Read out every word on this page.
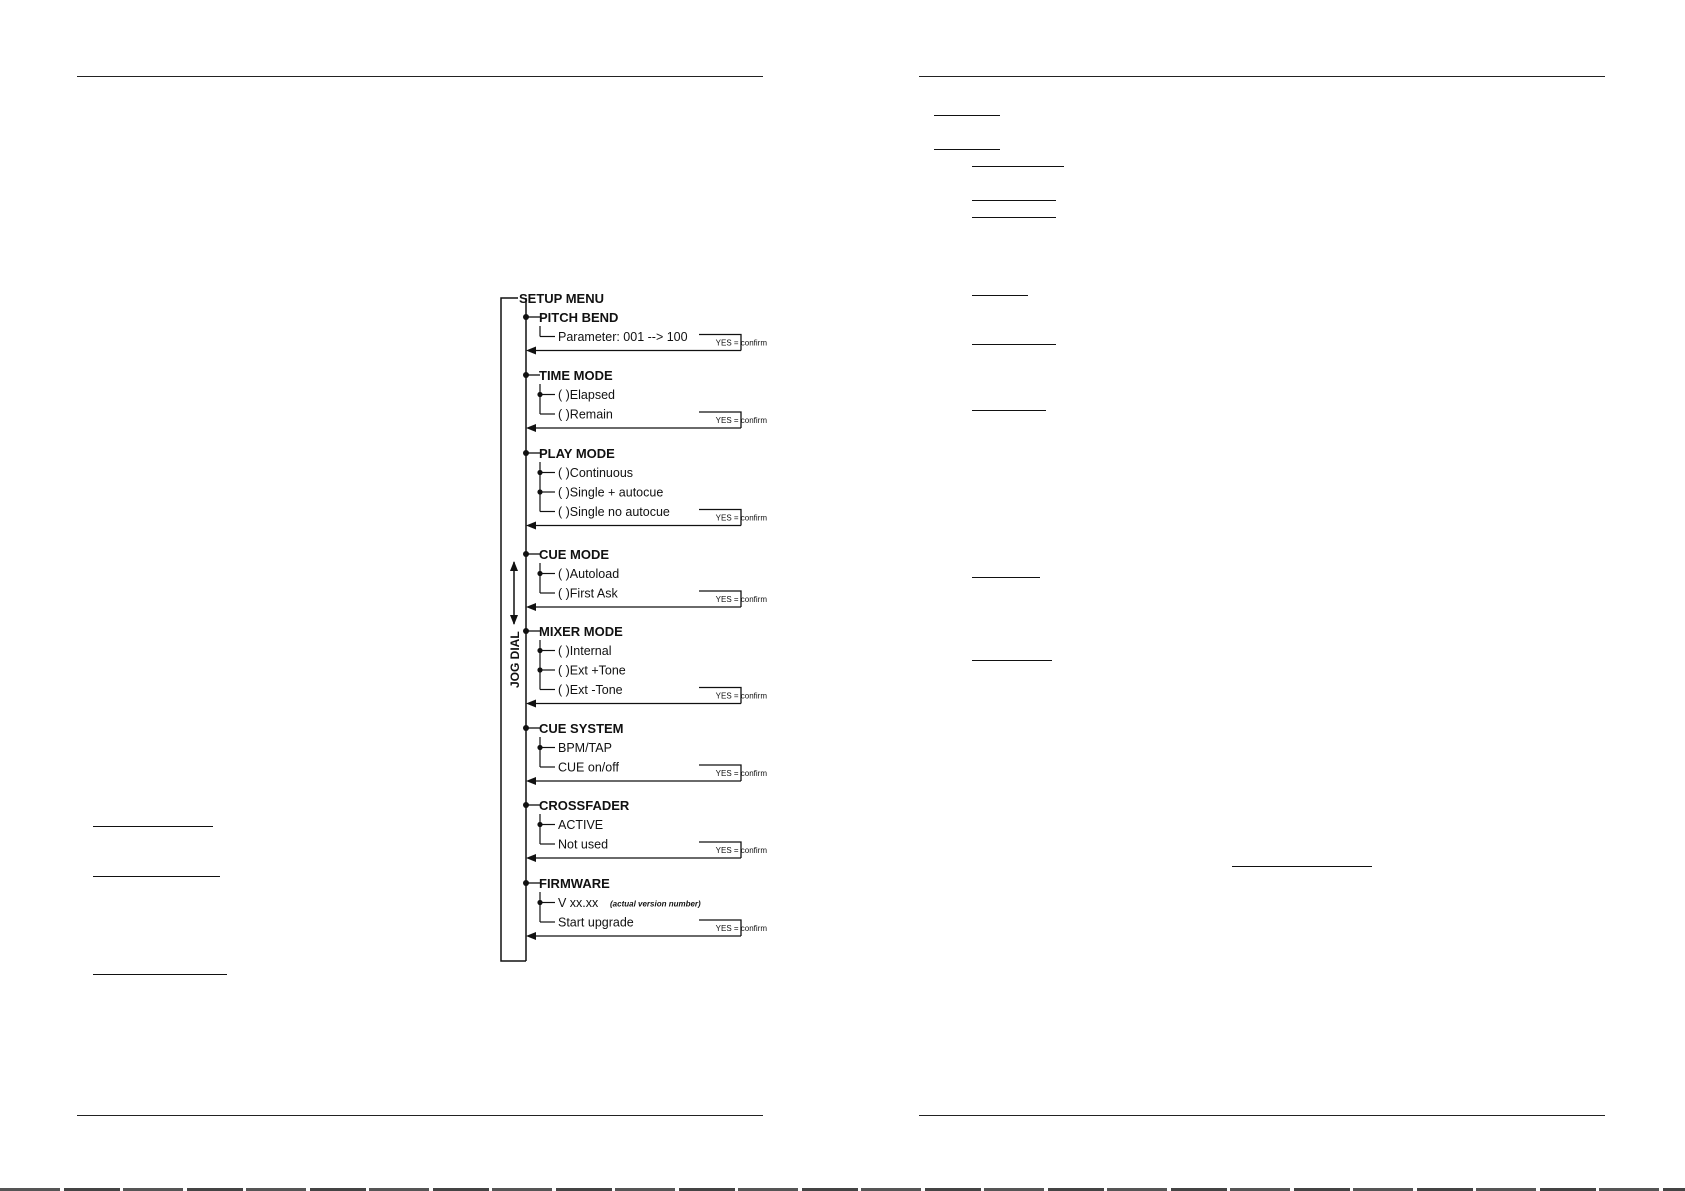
SETUP MENU
JOG DIAL
PITCH BEND
Parameter: 001 --> 100	YES = confirm
TIME MODE
( )Elapsed
( )Remain	YES = confirm
PLAY MODE
( )Continuous
( )Single + autocue
( )Single no autocue	YES = confirm
CUE MODE
( )Autoload
( )First Ask	YES = confirm
MIXER MODE
( )Internal
( )Ext +Tone
( )Ext -Tone	YES = confirm
CUE SYSTEM
BPM/TAP
CUE on/off	YES = confirm
CROSSFADER
ACTIVE
Not used	YES = confirm
FIRMWARE
V xx.xx
Start upgrade
(actual version number)
YES = confirm
